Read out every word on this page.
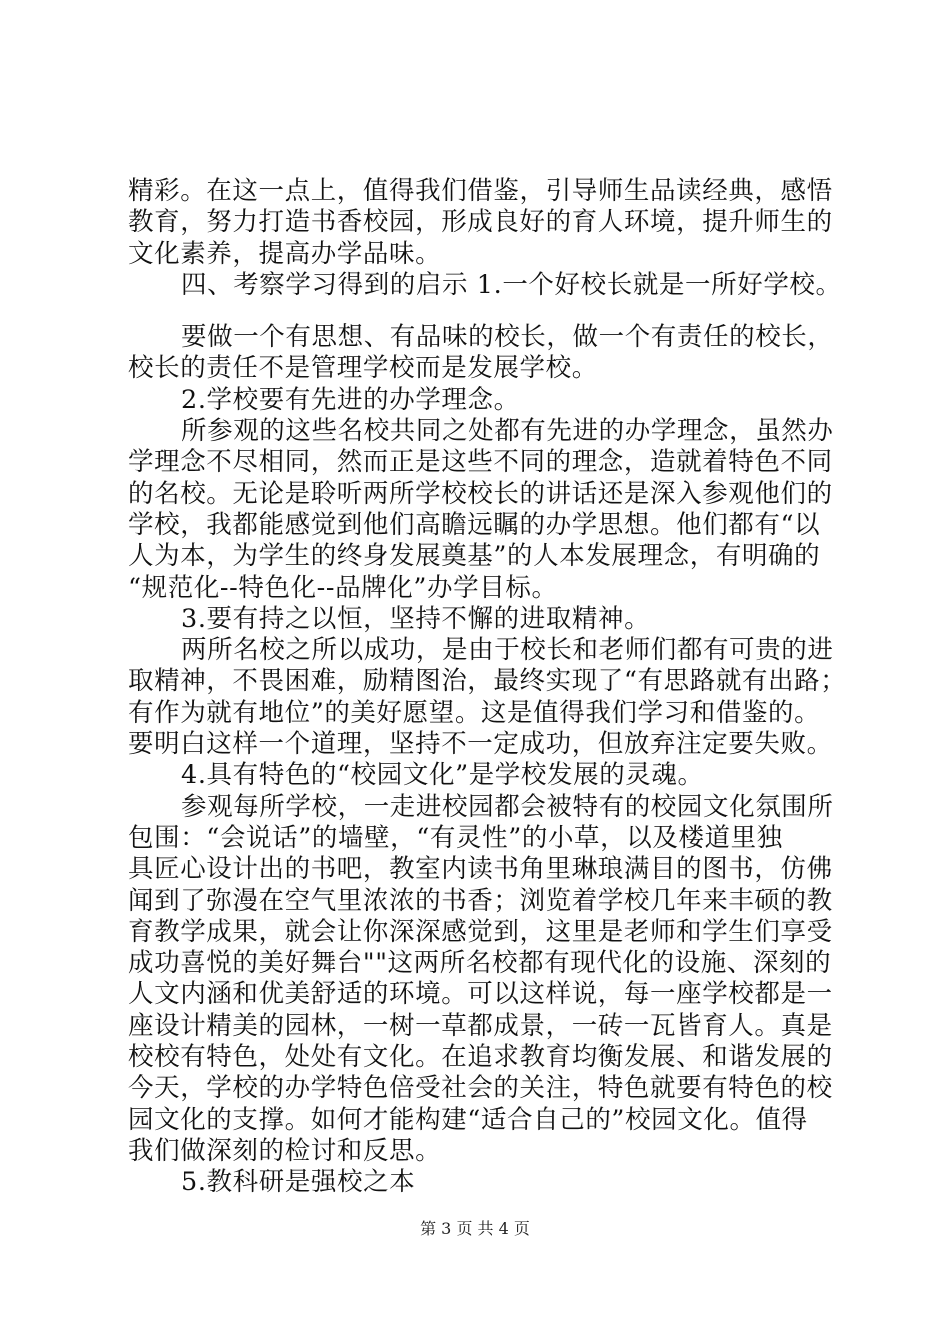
精彩。在这一点上，值得我们借鉴，引导师生品读经典，感悟
教育，努力打造书香校园，形成良好的育人环境，提升师生的
文化素养，提高办学品味。
四、考察学习得到的启示 1.一个好校长就是一所好学校。
要做一个有思想、有品味的校长，做一个有责任的校长，
校长的责任不是管理学校而是发展学校。
2.学校要有先进的办学理念。
所参观的这些名校共同之处都有先进的办学理念，虽然办
学理念不尽相同，然而正是这些不同的理念，造就着特色不同
的名校。无论是聆听两所学校校长的讲话还是深入参观他们的
学校，我都能感觉到他们高瞻远瞩的办学思想。他们都有“以
人为本，为学生的终身发展奠基”的人本发展理念，有明确的
“规范化--特色化--品牌化”办学目标。
3.要有持之以恒，坚持不懈的进取精神。
两所名校之所以成功，是由于校长和老师们都有可贵的进
取精神，不畏困难，励精图治，最终实现了“有思路就有出路；
有作为就有地位”的美好愿望。这是值得我们学习和借鉴的。
要明白这样一个道理，坚持不一定成功，但放弃注定要失败。
4.具有特色的“校园文化”是学校发展的灵魂。
参观每所学校，一走进校园都会被特有的校园文化氛围所
包围：“会说话”的墙壁，“有灵性”的小草，以及楼道里独
具匠心设计出的书吧，教室内读书角里琳琅满目的图书，仿佛
闻到了弥漫在空气里浓浓的书香；浏览着学校几年来丰硕的教
育教学成果，就会让你深深感觉到，这里是老师和学生们享受
成功喜悦的美好舞台""这两所名校都有现代化的设施、深刻的
人文内涵和优美舒适的环境。可以这样说，每一座学校都是一
座设计精美的园林，一树一草都成景，一砖一瓦皆育人。真是
校校有特色，处处有文化。在追求教育均衡发展、和谐发展的
今天，学校的办学特色倍受社会的关注，特色就要有特色的校
园文化的支撑。如何才能构建“适合自己的”校园文化。值得
我们做深刻的检讨和反思。
5.教科研是强校之本
第 3 页 共 4 页
